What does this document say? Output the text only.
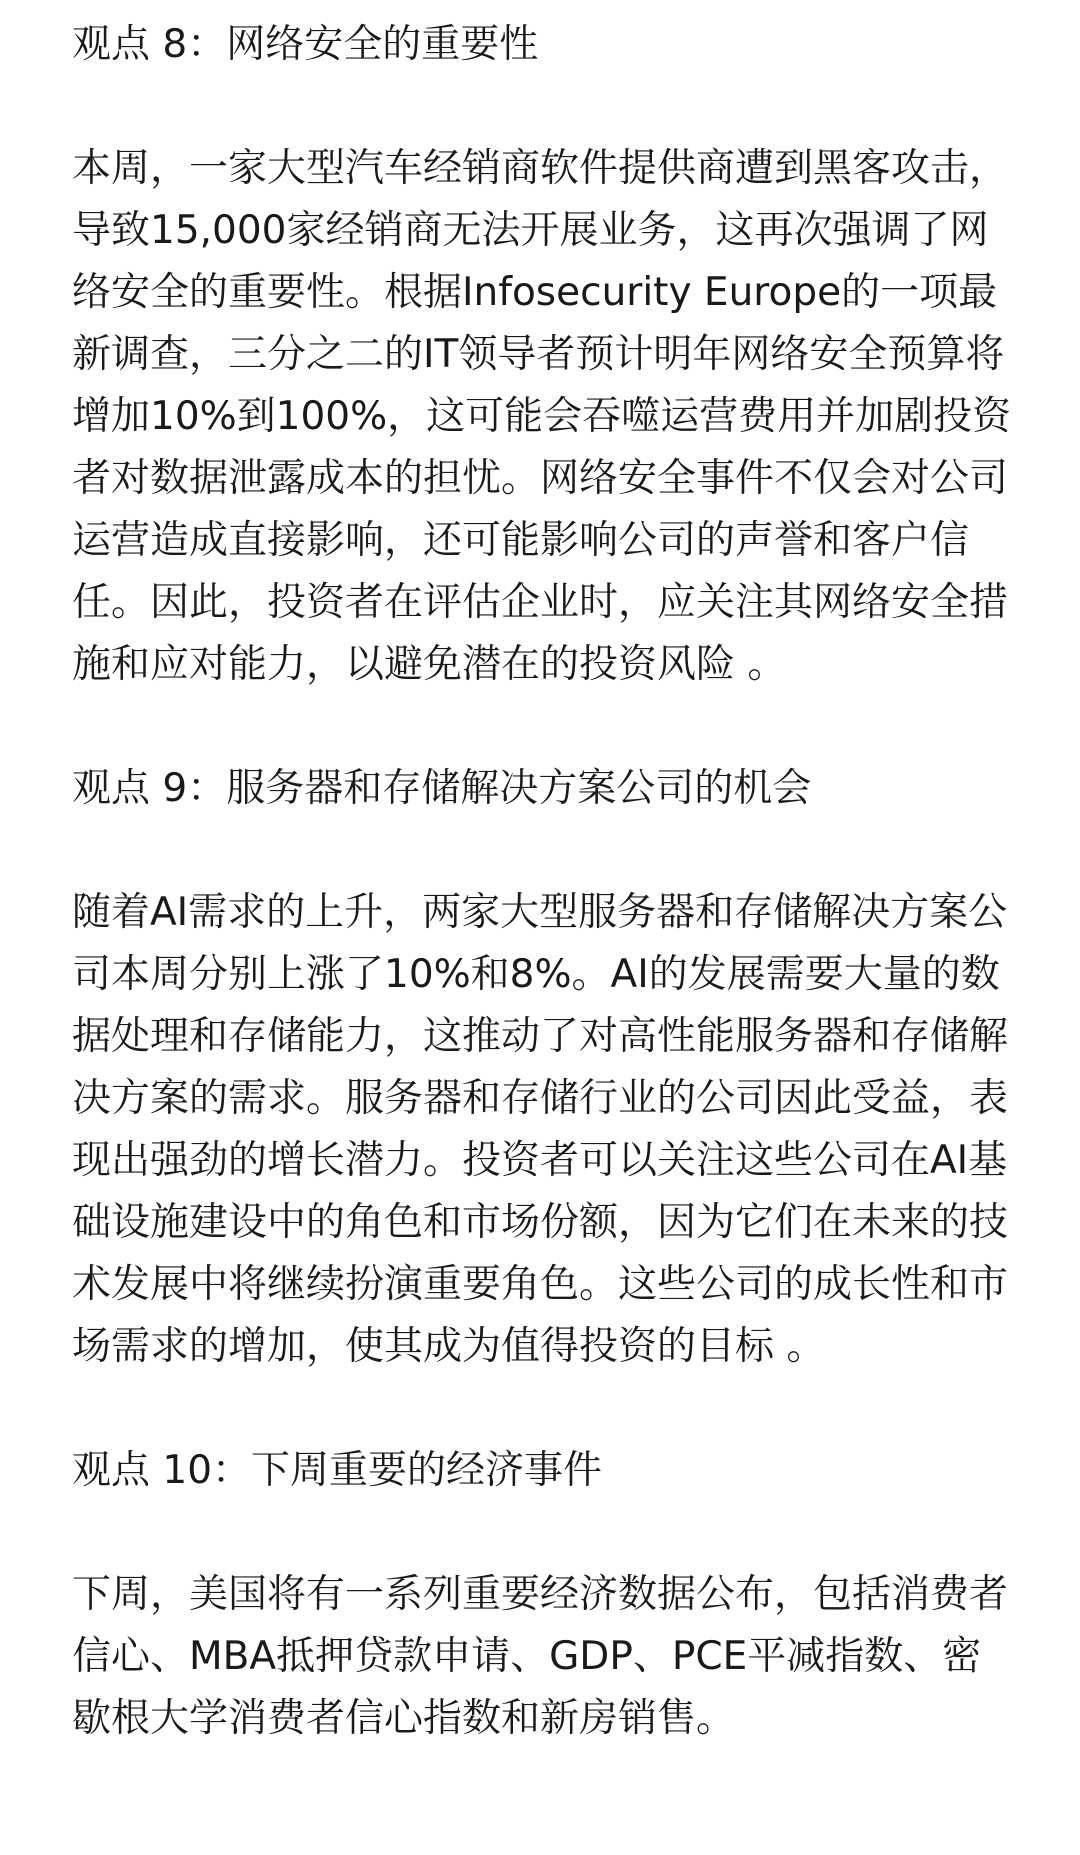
观点 8：网络安全的重要性

本周，一家大型汽车经销商软件提供商遭到黑客攻击，导致15,000家经销商无法开展业务，这再次强调了网络安全的重要性。根据Infosecurity Europe的一项最新调查，三分之二的IT领导者预计明年网络安全预算将增加10%到100%，这可能会吞噬运营费用并加剧投资者对数据泄露成本的担忧。网络安全事件不仅会对公司运营造成直接影响，还可能影响公司的声誉和客户信任。因此，投资者在评估企业时，应关注其网络安全措施和应对能力，以避免潜在的投资风险 。

观点 9：服务器和存储解决方案公司的机会

随着AI需求的上升，两家大型服务器和存储解决方案公司本周分别上涨了10%和8%。AI的发展需要大量的数据处理和存储能力，这推动了对高性能服务器和存储解决方案的需求。服务器和存储行业的公司因此受益，表现出强劲的增长潜力。投资者可以关注这些公司在AI基础设施建设中的角色和市场份额，因为它们在未来的技术发展中将继续扮演重要角色。这些公司的成长性和市场需求的增加，使其成为值得投资的目标 。

观点 10：下周重要的经济事件

下周，美国将有一系列重要经济数据公布，包括消费者信心、MBA抵押贷款申请、GDP、PCE平减指数、密歇根大学消费者信心指数和新房销售。
